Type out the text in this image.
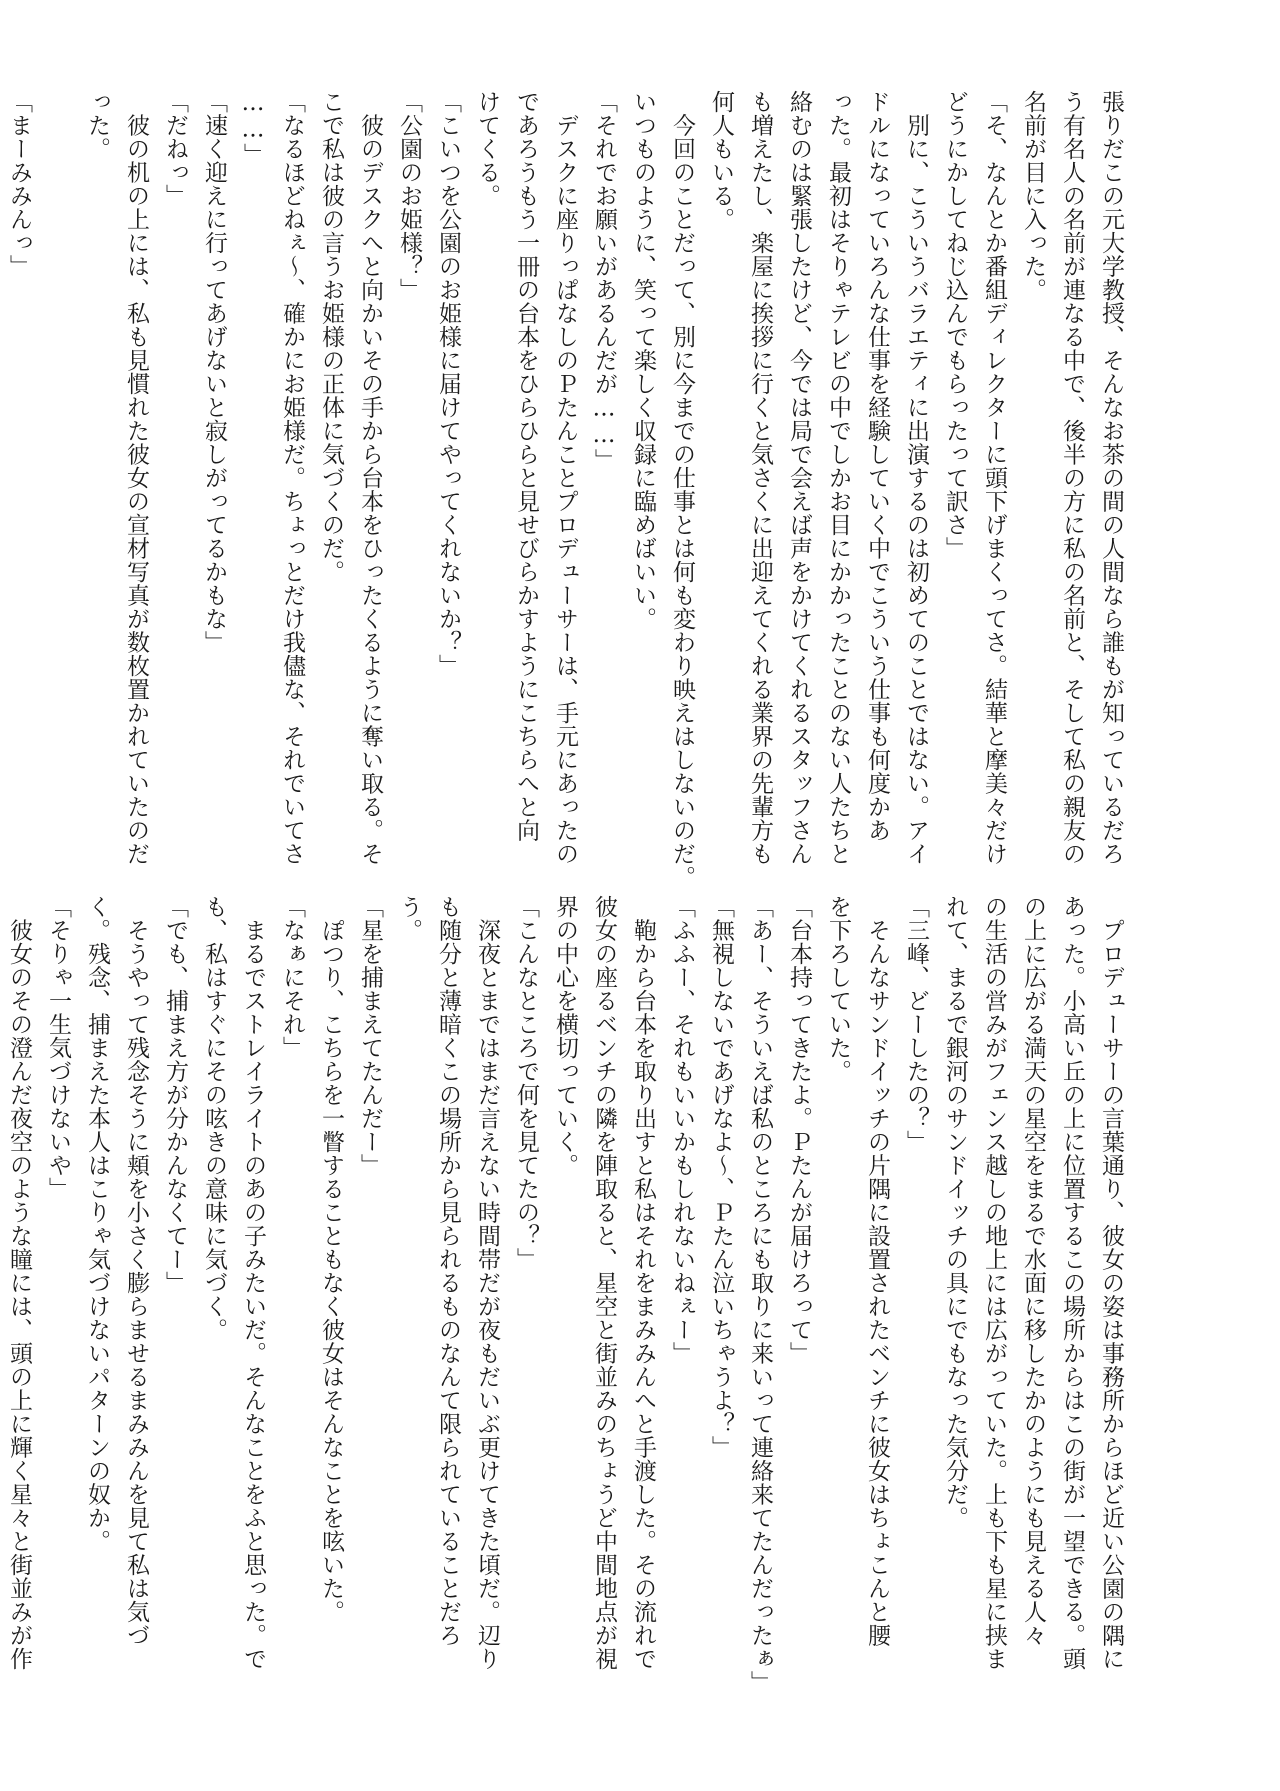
張りだこの元大学教授、そんなお茶の間の人間なら誰もが知っているだろ
う有名人の名前が連なる中で、後半の方に私の名前と、そして私の親友の
名前が目に入った。
「そ、なんとか番組ディレクターに頭下げまくってさ。結華と摩美々だけ
どうにかしてねじ込んでもらったって訳さ」
　別に、こういうバラエティに出演するのは初めてのことではない。アイ
ドルになっていろんな仕事を経験していく中でこういう仕事も何度かあ
った。最初はそりゃテレビの中でしかお目にかかったことのない人たちと
絡むのは緊張したけど、今では局で会えば声をかけてくれるスタッフさん
も増えたし、楽屋に挨拶に行くと気さくに出迎えてくれる業界の先輩方も
何人もいる。
　今回のことだって、別に今までの仕事とは何も変わり映えはしないのだ。
いつものように、笑って楽しく収録に臨めばいい。
「それでお願いがあるんだが……」
　デスクに座りっぱなしのＰたんことプロデューサーは、手元にあったの
であろうもう一冊の台本をひらひらと見せびらかすようにこちらへと向
けてくる。
「こいつを公園のお姫様に届けてやってくれないか？」
「公園のお姫様？」
　彼のデスクへと向かいその手から台本をひったくるように奪い取る。そ
こで私は彼の言うお姫様の正体に気づくのだ。
「なるほどねぇ〜、確かにお姫様だ。ちょっとだけ我儘な、それでいてさ
……」
「速く迎えに行ってあげないと寂しがってるかもな」
「だねっ」
　彼の机の上には、私も見慣れた彼女の宣材写真が数枚置かれていたのだ
った。

「まーみみんっ」
　プロデューサーの言葉通り、彼女の姿は事務所からほど近い公園の隅に
あった。小高い丘の上に位置するこの場所からはこの街が一望できる。頭
の上に広がる満天の星空をまるで水面に移したかのようにも見える人々
の生活の営みがフェンス越しの地上には広がっていた。上も下も星に挟ま
れて、まるで銀河のサンドイッチの具にでもなった気分だ。
「三峰、どーしたの？」
　そんなサンドイッチの片隅に設置されたベンチに彼女はちょこんと腰
を下ろしていた。
「台本持ってきたよ。Ｐたんが届けろって」
「あー、そういえば私のところにも取りに来いって連絡来てたんだったぁ」
「無視しないであげなよ〜、Ｐたん泣いちゃうよ？」
「ふふー、それもいいかもしれないねぇー」
　鞄から台本を取り出すと私はそれをまみみんへと手渡した。その流れで
彼女の座るベンチの隣を陣取ると、星空と街並みのちょうど中間地点が視
界の中心を横切っていく。
「こんなところで何を見てたの？」
　深夜とまではまだ言えない時間帯だが夜もだいぶ更けてきた頃だ。辺り
も随分と薄暗くこの場所から見られるものなんて限られていることだろ
う。
「星を捕まえてたんだー」
　ぽつり、こちらを一瞥することもなく彼女はそんなことを呟いた。
「なぁにそれ」
　まるでストレイライトのあの子みたいだ。そんなことをふと思った。で
も、私はすぐにその呟きの意味に気づく。
「でも、捕まえ方が分かんなくてー」
　そうやって残念そうに頬を小さく膨らませるまみみんを見て私は気づ
く。残念、捕まえた本人はこりゃ気づけないパターンの奴か。
「そりゃ一生気づけないや」
　彼女のその澄んだ夜空のような瞳には、頭の上に輝く星々と街並みが作
